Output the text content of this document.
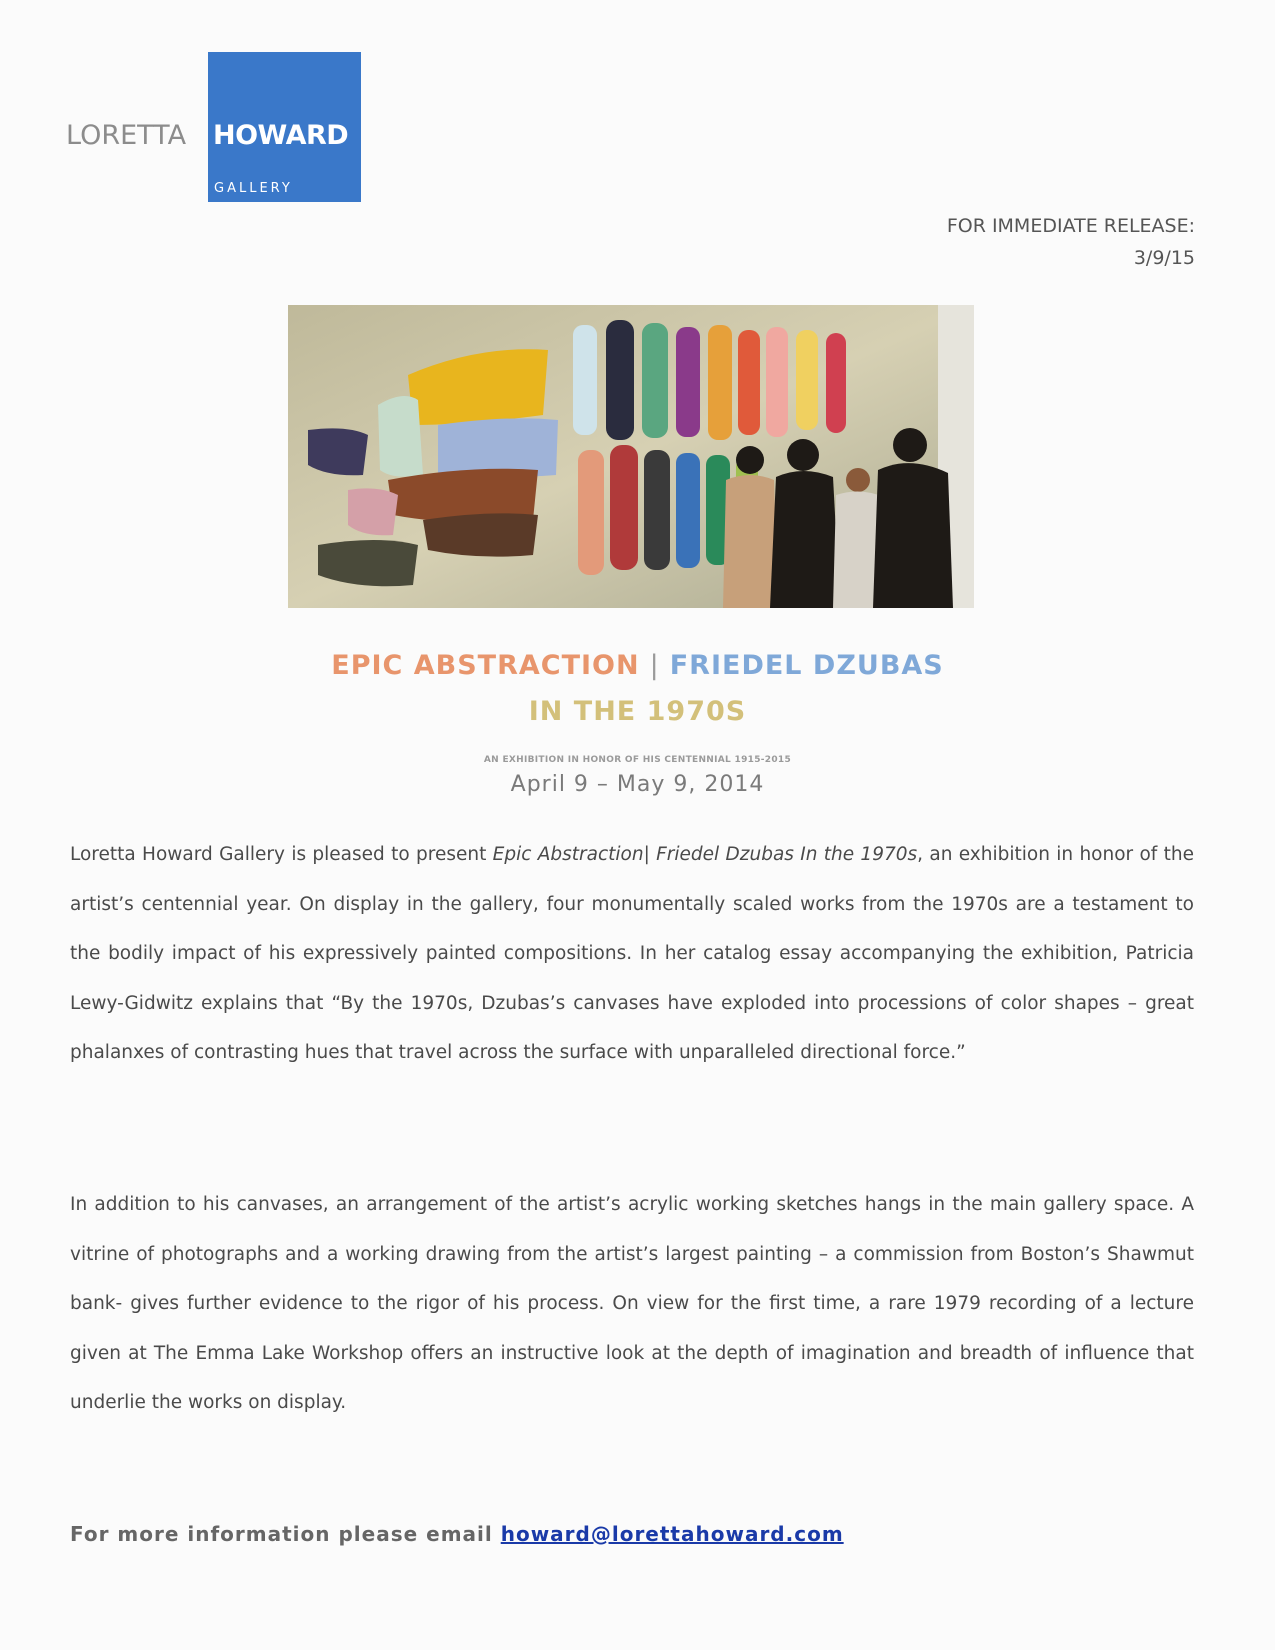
LORETTA HOWARD
GALLERY
FOR IMMEDIATE RELEASE:
3/9/15
EPIC ABSTRACTION | FRIEDEL DZUBAS
IN THE 1970S
AN EXHIBITION IN HONOR OF HIS CENTENNIAL 1915-2015
April 9 – May 9, 2014
Loretta Howard Gallery is pleased to present Epic Abstraction| Friedel Dzubas In the 1970s, an exhibition in honor of the artist’s centennial year. On display in the gallery, four monumentally scaled works from the 1970s are a testament to the bodily impact of his expressively painted compositions. In her catalog essay accompanying the exhibition, Patricia Lewy-Gidwitz explains that “By the 1970s, Dzubas’s canvases have exploded into processions of color shapes – great phalanxes of contrasting hues that travel across the surface with unparalleled directional force.”
In addition to his canvases, an arrangement of the artist’s acrylic working sketches hangs in the main gallery space. A vitrine of photographs and a working drawing from the artist’s largest painting – a commission from Boston’s Shawmut bank- gives further evidence to the rigor of his process. On view for the first time, a rare 1979 recording of a lecture given at The Emma Lake Workshop offers an instructive look at the depth of imagination and breadth of influence that underlie the works on display.
For more information please email howard@lorettahoward.com
